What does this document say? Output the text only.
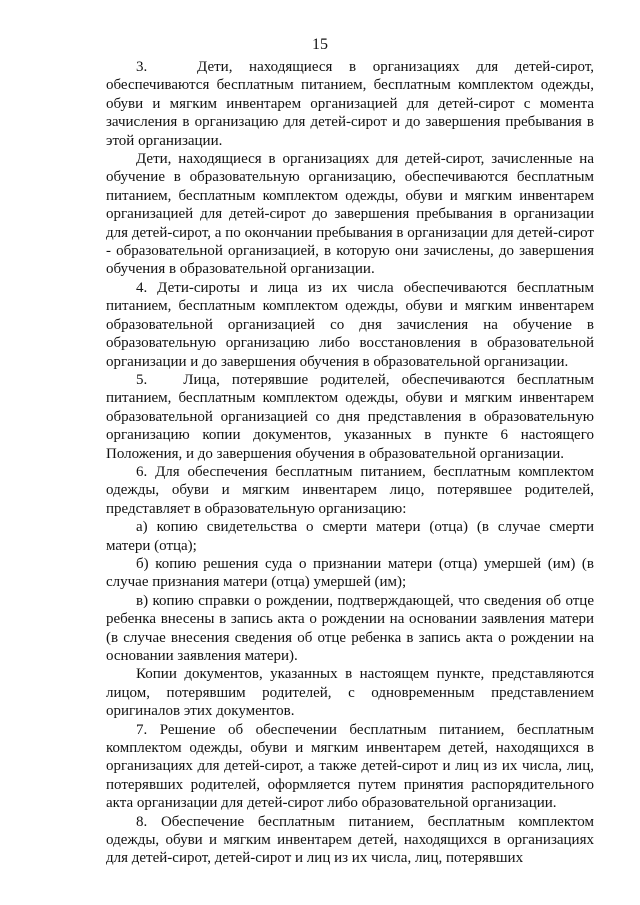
15

3.   Дети, находящиеся в организациях для детей-сирот, обеспечиваются бесплатным питанием, бесплатным комплектом одежды, обуви и мягким инвентарем организацией для детей-сирот с момента зачисления в организацию для детей-сирот и до завершения пребывания в этой организации.

Дети, находящиеся в организациях для детей-сирот, зачисленные на обучение в образовательную организацию, обеспечиваются бесплатным питанием, бесплатным комплектом одежды, обуви и мягким инвентарем организацией для детей-сирот до завершения пребывания в организации для детей-сирот, а по окончании пребывания в организации для детей-сирот - образовательной организацией, в которую они зачислены, до завершения обучения в образовательной организации.

4. Дети-сироты и лица из их числа обеспечиваются бесплатным питанием, бесплатным комплектом одежды, обуви и мягким инвентарем образовательной организацией со дня зачисления на обучение в образовательную организацию либо восстановления в образовательной организации и до завершения обучения в образовательной организации.

5.   Лица, потерявшие родителей, обеспечиваются бесплатным питанием, бесплатным комплектом одежды, обуви и мягким инвентарем образовательной организацией со дня представления в образовательную организацию копии документов, указанных в пункте 6 настоящего Положения, и до завершения обучения в образовательной организации.

6. Для обеспечения бесплатным питанием, бесплатным комплектом одежды, обуви и мягким инвентарем лицо, потерявшее родителей, представляет в образовательную организацию:

а) копию свидетельства о смерти матери (отца) (в случае смерти матери (отца);

б) копию решения суда о признании матери (отца) умершей (им) (в случае признания матери (отца) умершей (им);

в) копию справки о рождении, подтверждающей, что сведения об отце ребенка внесены в запись акта о рождении на основании заявления матери (в случае внесения сведения об отце ребенка в запись акта о рождении на основании заявления матери).

Копии документов, указанных в настоящем пункте, представляются лицом, потерявшим родителей, с одновременным представлением оригиналов этих документов.

7. Решение об обеспечении бесплатным питанием, бесплатным комплектом одежды, обуви и мягким инвентарем детей, находящихся в организациях для детей-сирот, а также детей-сирот и лиц из их числа, лиц, потерявших родителей, оформляется путем принятия распорядительного акта организации для детей-сирот либо образовательной организации.

8. Обеспечение бесплатным питанием, бесплатным комплектом одежды, обуви и мягким инвентарем детей, находящихся в организациях для детей-сирот, детей-сирот и лиц из их числа, лиц, потерявших
